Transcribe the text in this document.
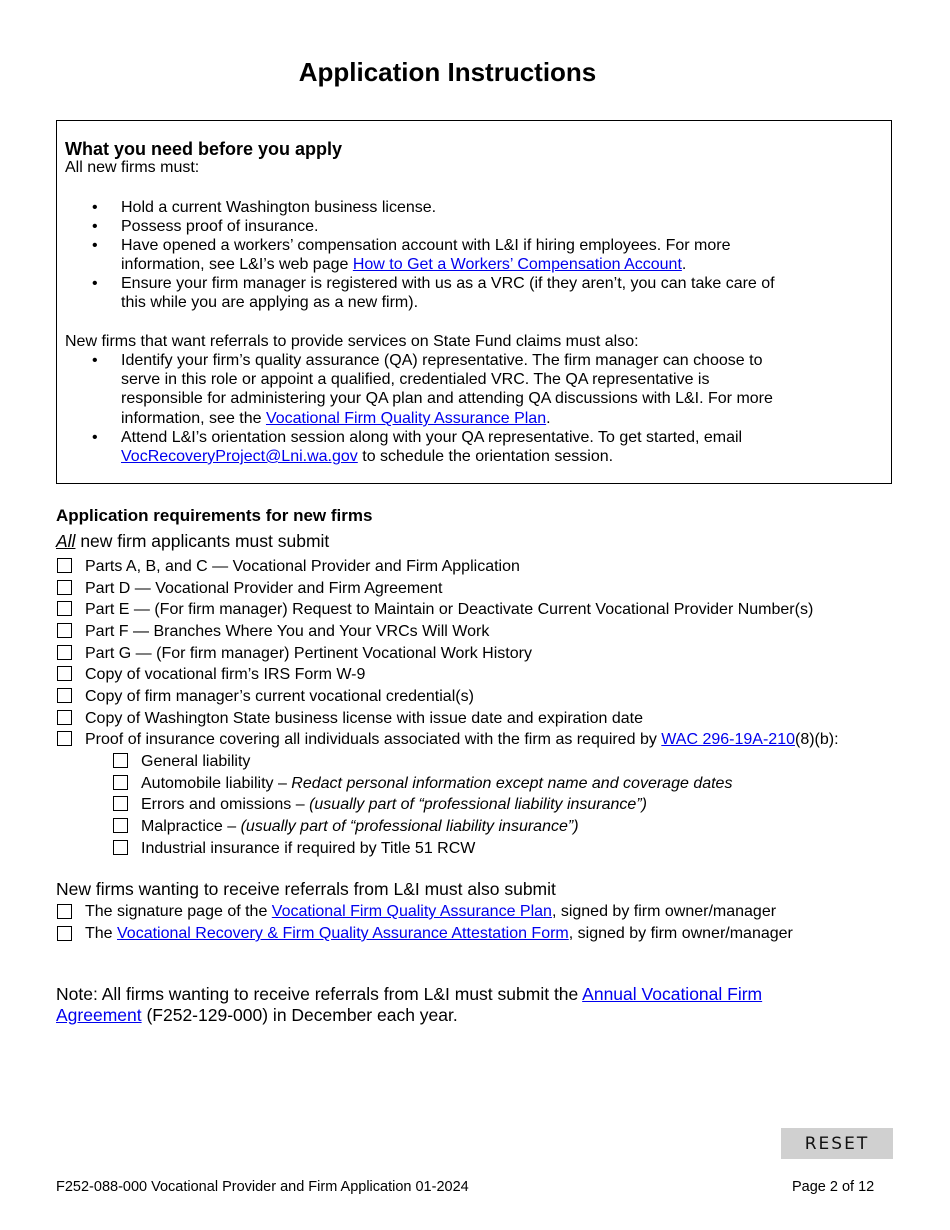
Application Instructions
What you need before you apply
All new firms must:
• Hold a current Washington business license.
• Possess proof of insurance.
• Have opened a workers’ compensation account with L&I if hiring employees. For more
information, see L&I’s web page How to Get a Workers’ Compensation Account.
• Ensure your firm manager is registered with us as a VRC (if they aren’t, you can take care of
this while you are applying as a new firm).
New firms that want referrals to provide services on State Fund claims must also:
• Identify your firm’s quality assurance (QA) representative. The firm manager can choose to
serve in this role or appoint a qualified, credentialed VRC. The QA representative is
responsible for administering your QA plan and attending QA discussions with L&I. For more
information, see the Vocational Firm Quality Assurance Plan.
• Attend L&I’s orientation session along with your QA representative. To get started, email
VocRecoveryProject@Lni.wa.gov to schedule the orientation session.
Application requirements for new firms
All new firm applicants must submit
Parts A, B, and C — Vocational Provider and Firm Application
Part D — Vocational Provider and Firm Agreement
Part E — (For firm manager) Request to Maintain or Deactivate Current Vocational Provider Number(s)
Part F — Branches Where You and Your VRCs Will Work
Part G — (For firm manager) Pertinent Vocational Work History
Copy of vocational firm’s IRS Form W-9
Copy of firm manager’s current vocational credential(s)
Copy of Washington State business license with issue date and expiration date
Proof of insurance covering all individuals associated with the firm as required by WAC 296-19A-210(8)(b):
General liability
Automobile liability – Redact personal information except name and coverage dates
Errors and omissions – (usually part of “professional liability insurance”)
Malpractice – (usually part of “professional liability insurance”)
Industrial insurance if required by Title 51 RCW
New firms wanting to receive referrals from L&I must also submit
The signature page of the Vocational Firm Quality Assurance Plan, signed by firm owner/manager
The Vocational Recovery & Firm Quality Assurance Attestation Form, signed by firm owner/manager
Note: All firms wanting to receive referrals from L&I must submit the Annual Vocational Firm
Agreement (F252-129-000) in December each year.
RESET
F252-088-000 Vocational Provider and Firm Application 01-2024	Page 2 of 12
